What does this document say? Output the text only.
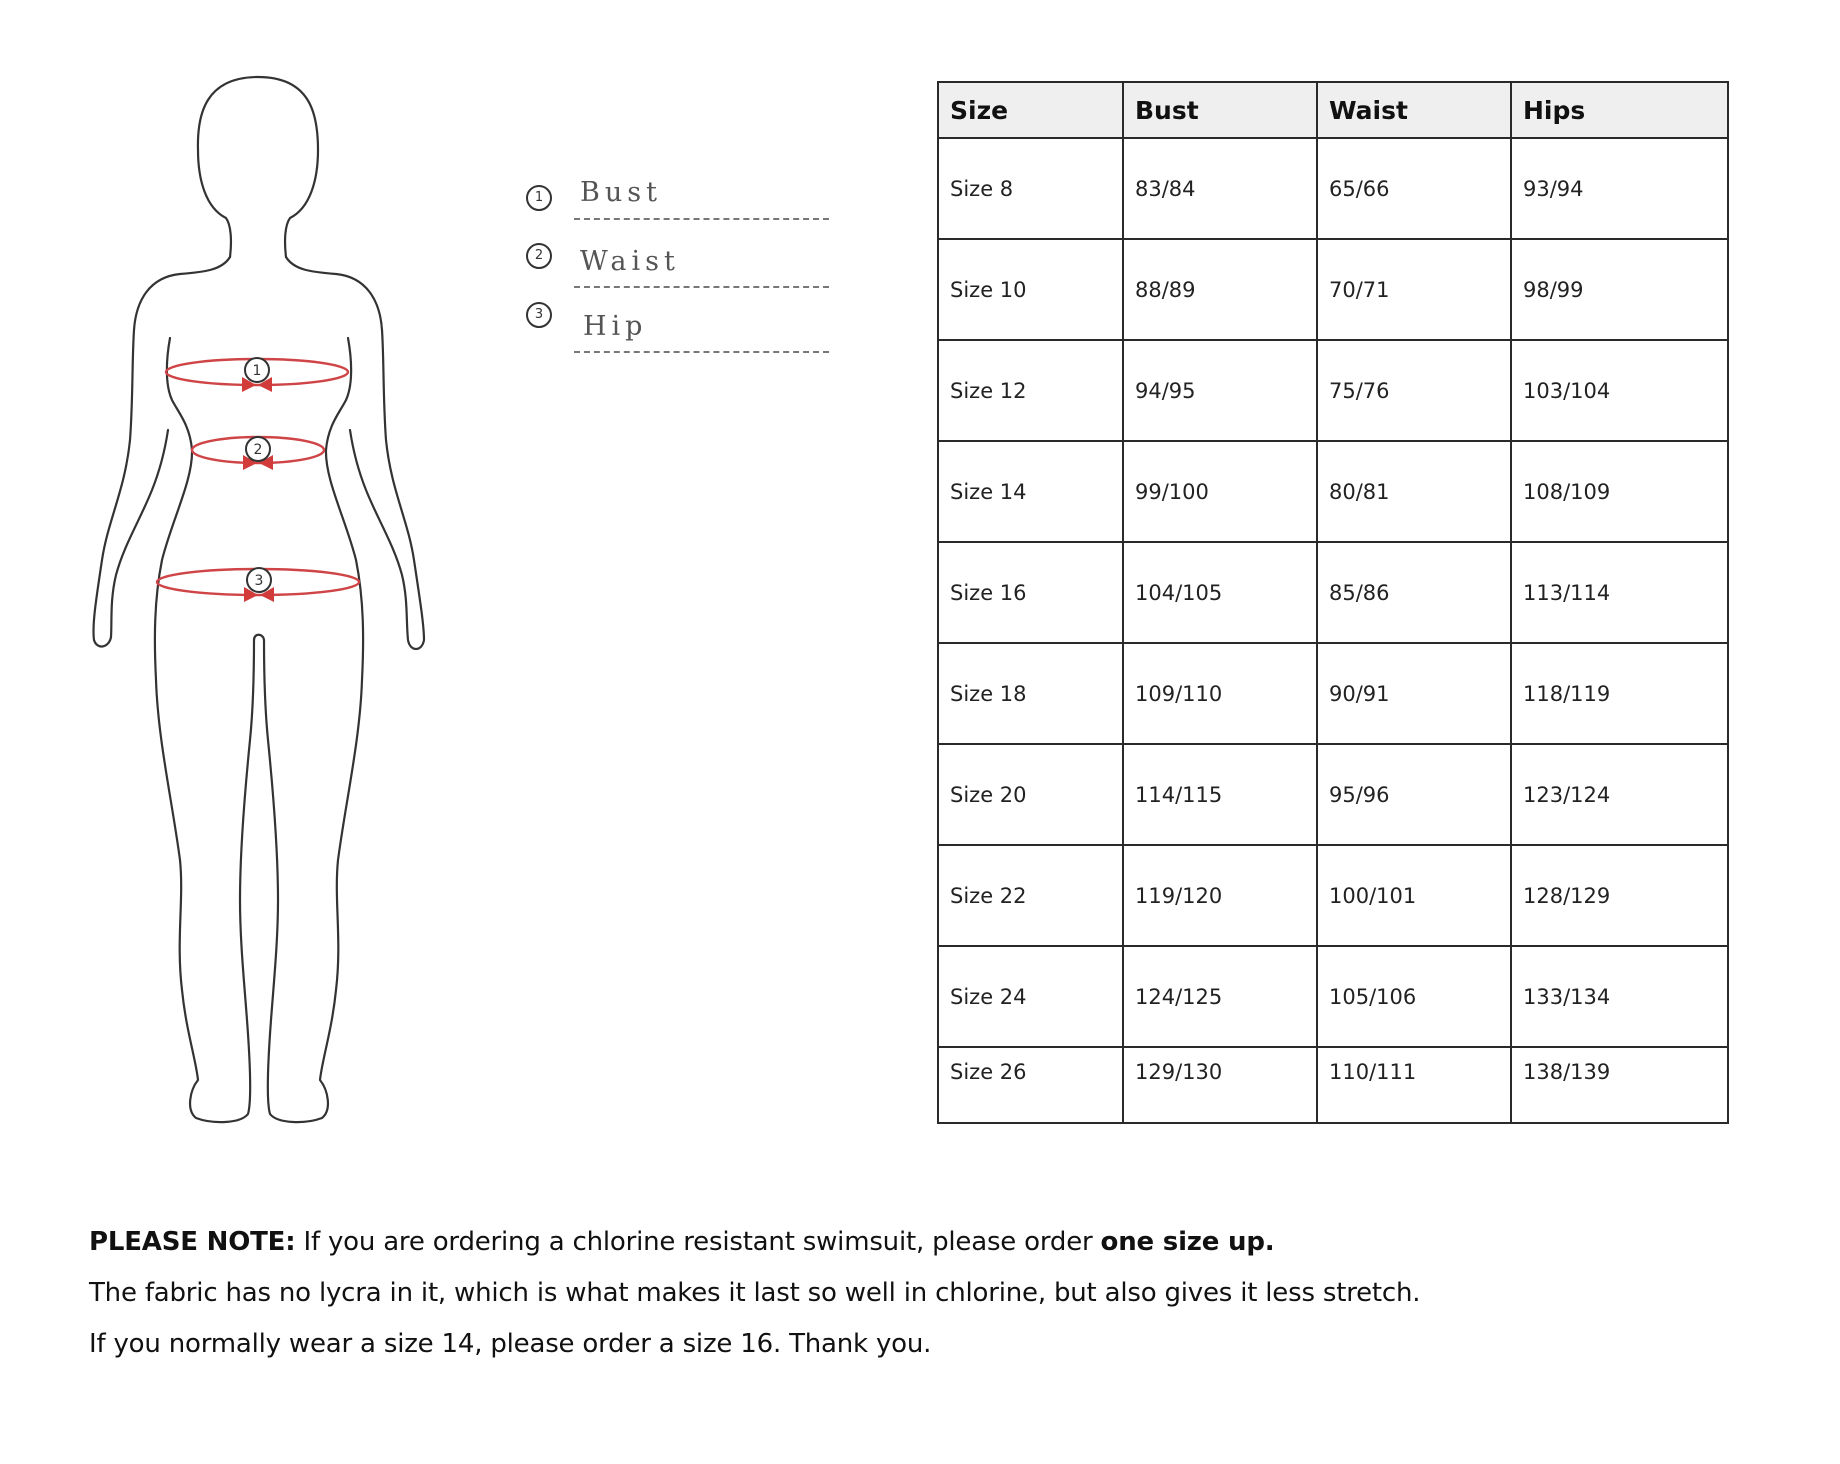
1
2
3
1	Bust
2	Waist
3	Hip
Size	Bust	Waist	Hips
Size 8	83/84	65/66	93/94
Size 10	88/89	70/71	98/99
Size 12	94/95	75/76	103/104
Size 14	99/100	80/81	108/109
Size 16	104/105	85/86	113/114
Size 18	109/110	90/91	118/119
Size 20	114/115	95/96	123/124
Size 22	119/120	100/101	128/129
Size 24	124/125	105/106	133/134
Size 26	129/130	110/111	138/139

PLEASE NOTE: If you are ordering a chlorine resistant swimsuit, please order one size up.

The fabric has no lycra in it, which is what makes it last so well in chlorine, but also gives it less stretch.

If you normally wear a size 14, please order a size 16. Thank you.
